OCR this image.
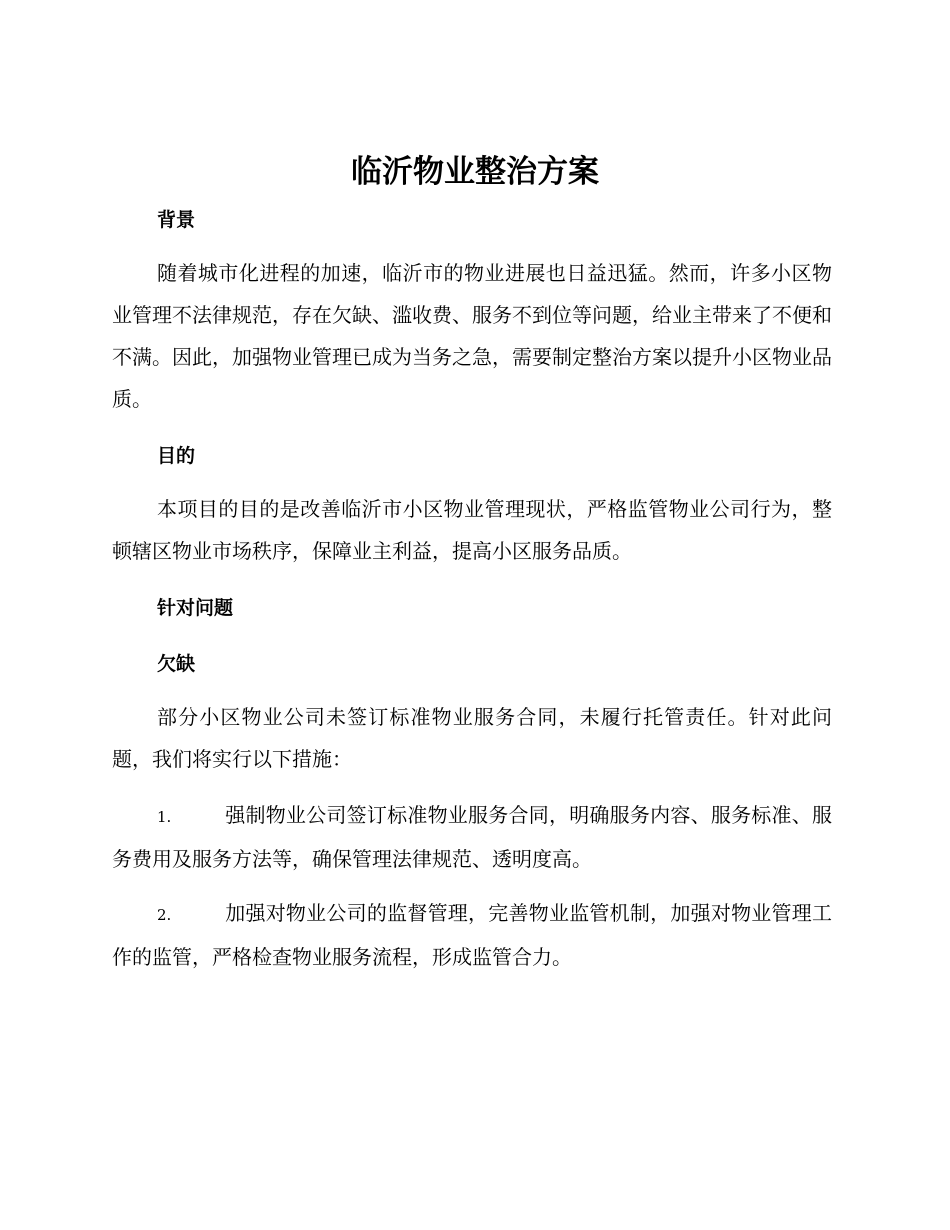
临沂物业整治方案
背景

随着城市化进程的加速，临沂市的物业进展也日益迅猛。然而，许多小区物业管理不法律规范，存在欠缺、滥收费、服务不到位等问题，给业主带来了不便和不满。因此，加强物业管理已成为当务之急，需要制定整治方案以提升小区物业品质。

目的

本项目的目的是改善临沂市小区物业管理现状，严格监管物业公司行为，整顿辖区物业市场秩序，保障业主利益，提高小区服务品质。

针对问题
欠缺

部分小区物业公司未签订标准物业服务合同，未履行托管责任。针对此问题，我们将实行以下措施：

1.	强制物业公司签订标准物业服务合同，明确服务内容、服务标准、服务费用及服务方法等，确保管理法律规范、透明度高。

2.	加强对物业公司的监督管理，完善物业监管机制，加强对物业管理工作的监管，严格检查物业服务流程，形成监管合力。
